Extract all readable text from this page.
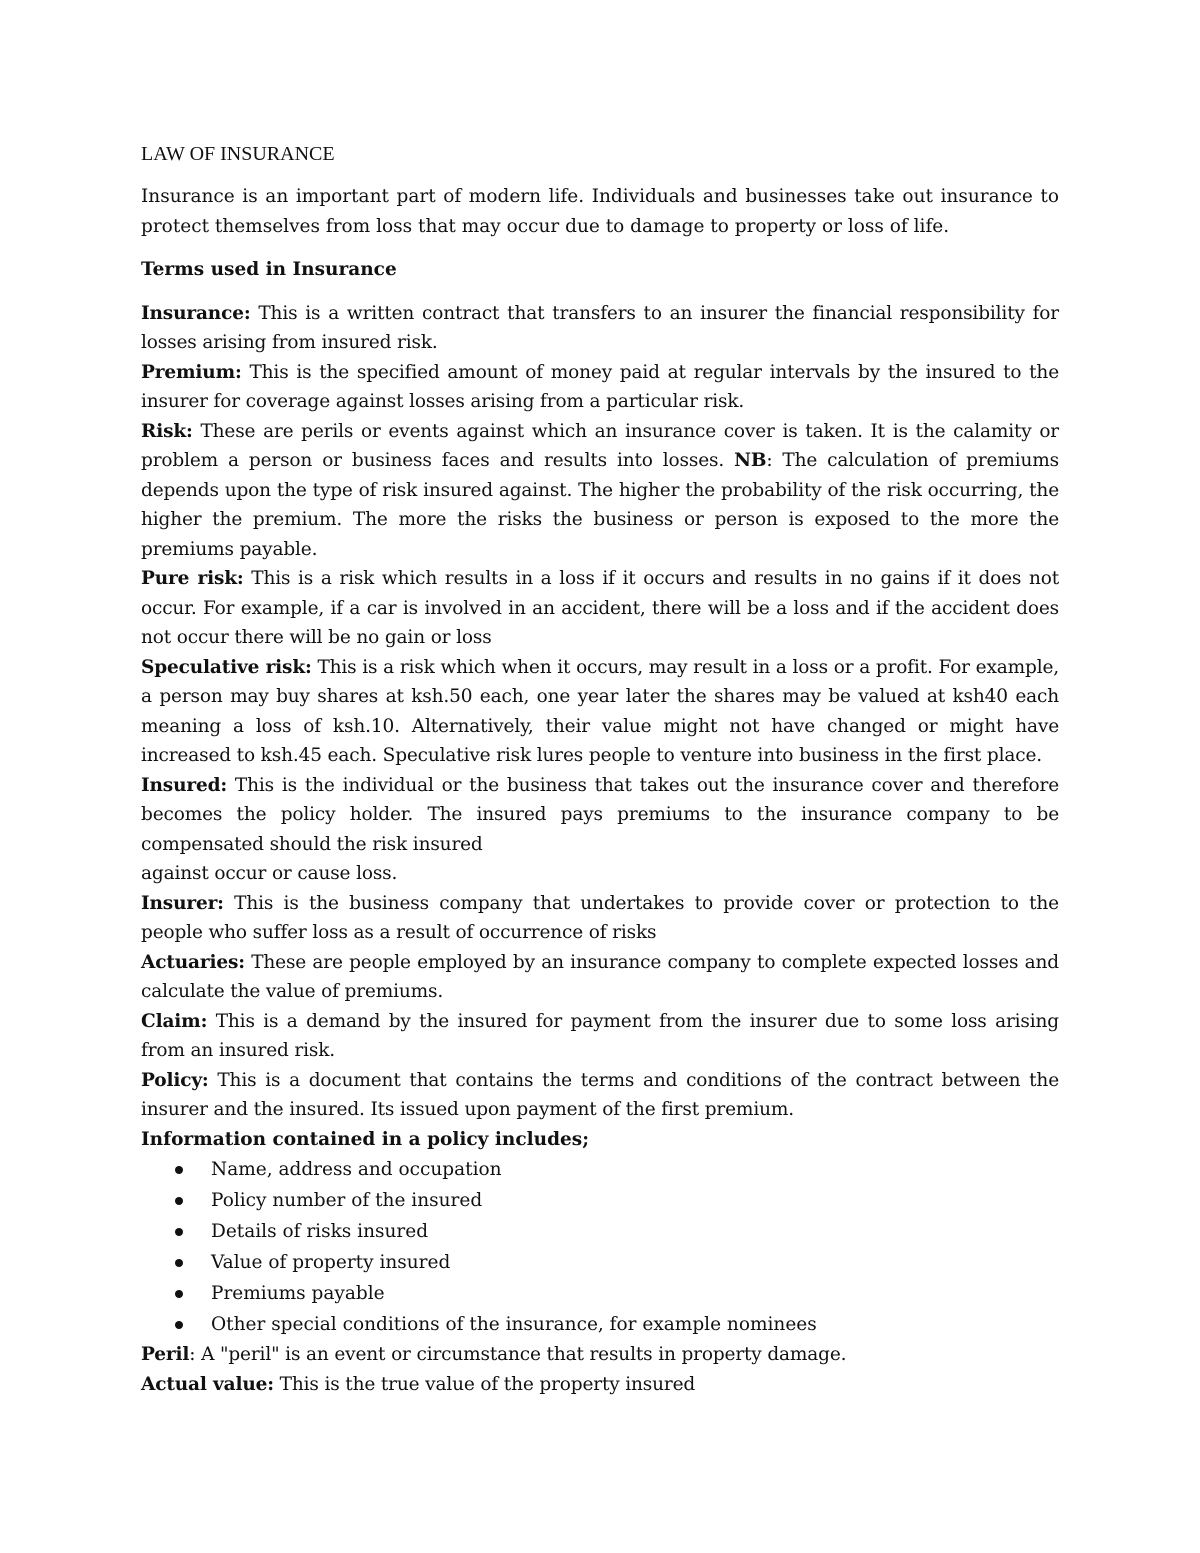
LAW OF INSURANCE

Insurance is an important part of modern life. Individuals and businesses take out insurance to protect themselves from loss that may occur due to damage to property or loss of life.

Terms used in Insurance

Insurance: This is a written contract that transfers to an insurer the financial responsibility for losses arising from insured risk.

Premium: This is the specified amount of money paid at regular intervals by the insured to the insurer for coverage against losses arising from a particular risk.

Risk: These are perils or events against which an insurance cover is taken. It is the calamity or problem a person or business faces and results into losses. NB: The calculation of premiums depends upon the type of risk insured against. The higher the probability of the risk occurring, the higher the premium. The more the risks the business or person is exposed to the more the premiums payable.

Pure risk: This is a risk which results in a loss if it occurs and results in no gains if it does not occur. For example, if a car is involved in an accident, there will be a loss and if the accident does not occur there will be no gain or loss

Speculative risk: This is a risk which when it occurs, may result in a loss or a profit. For example, a person may buy shares at ksh.50 each, one year later the shares may be valued at ksh40 each meaning a loss of ksh.10. Alternatively, their value might not have changed or might have increased to ksh.45 each. Speculative risk lures people to venture into business in the first place.

Insured: This is the individual or the business that takes out the insurance cover and therefore becomes the policy holder. The insured pays premiums to the insurance company to be compensated should the risk insured

against occur or cause loss.

Insurer: This is the business company that undertakes to provide cover or protection to the people who suffer loss as a result of occurrence of risks

Actuaries: These are people employed by an insurance company to complete expected losses and calculate the value of premiums.

Claim: This is a demand by the insured for payment from the insurer due to some loss arising from an insured risk.

Policy: This is a document that contains the terms and conditions of the contract between the insurer and the insured. Its issued upon payment of the first premium.

Information contained in a policy includes;

Name, address and occupation
Policy number of the insured
Details of risks insured
Value of property insured
Premiums payable
Other special conditions of the insurance, for example nominees

Peril: A "peril" is an event or circumstance that results in property damage.

Actual value: This is the true value of the property insured
